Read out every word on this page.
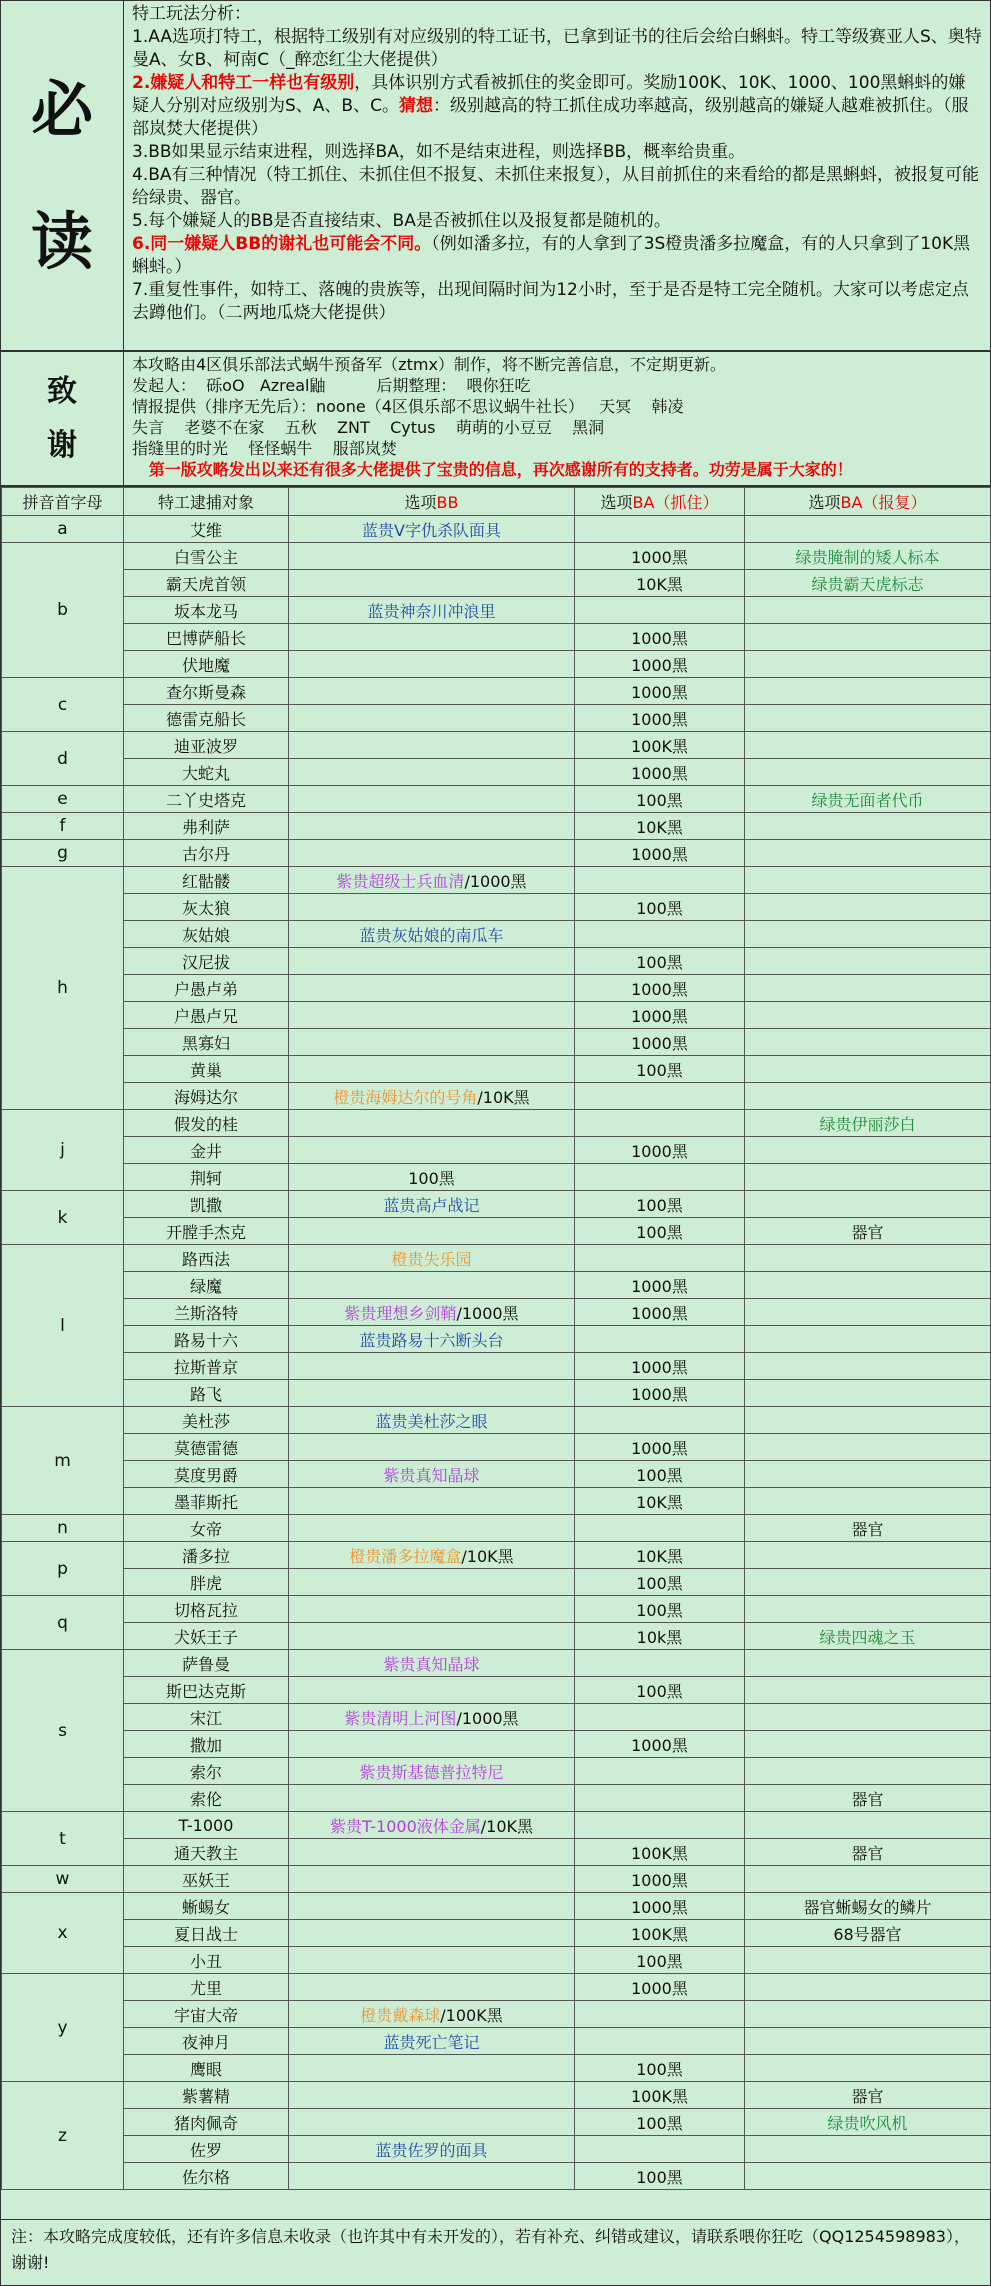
必
读

特工玩法分析：

1.AA选项打特工，根据特工级别有对应级别的特工证书，已拿到证书的往后会给白蝌蚪。特工等级赛亚人S、奥特曼A、女B、柯南C（_醉恋红尘大佬提供）

2.嫌疑人和特工一样也有级别，具体识别方式看被抓住的奖金即可。奖励100K、10K、1000、100黑蝌蚪的嫌疑人分别对应级别为S、A、B、C。猜想：级别越高的特工抓住成功率越高，级别越高的嫌疑人越难被抓住。（服部岚焚大佬提供）

3.BB如果显示结束进程，则选择BA，如不是结束进程，则选择BB，概率给贵重。

4.BA有三种情况（特工抓住、未抓住但不报复、未抓住来报复），从目前抓住的来看给的都是黑蝌蚪，被报复可能给绿贵、器官。

5.每个嫌疑人的BB是否直接结束、BA是否被抓住以及报复都是随机的。

6.同一嫌疑人BB的谢礼也可能会不同。（例如潘多拉，有的人拿到了3S橙贵潘多拉魔盒，有的人只拿到了10K黑蝌蚪。）

7.重复性事件，如特工、落魄的贵族等，出现间隔时间为12小时，至于是否是特工完全随机。大家可以考虑定点去蹲他们。（二两地瓜烧大佬提供）

致
谢

本攻略由4区俱乐部法式蜗牛预备军（ztmx）制作，将不断完善信息，不定期更新。

发起人：  砾oO   Azreal鼬          后期整理：  喂你狂吃

情报提供（排序无先后）：noone（4区俱乐部不思议蜗牛社长）   天冥    韩凌

失言    老婆不在家    五秋    ZNT    Cytus    萌萌的小豆豆    黑洞

指缝里的时光    怪怪蜗牛    服部岚焚

第一版攻略发出以来还有很多大佬提供了宝贵的信息，再次感谢所有的支持者。功劳是属于大家的！

拼音首字母	特工逮捕对象	选项BB	选项BA（抓住）	选项BA（报复）
a	艾维	蓝贵V字仇杀队面具		
b	白雪公主		1000黑	绿贵腌制的矮人标本
	霸天虎首领		10K黑	绿贵霸天虎标志
	坂本龙马	蓝贵神奈川冲浪里		
	巴博萨船长		1000黑	
	伏地魔		1000黑	
c	查尔斯曼森		1000黑	
	德雷克船长		1000黑	
d	迪亚波罗		100K黑	
	大蛇丸		1000黑	
e	二丫史塔克		100黑	绿贵无面者代币
f	弗利萨		10K黑	
g	古尔丹		1000黑	
h	红骷髅	紫贵超级士兵血清/1000黑		
	灰太狼		100黑	
	灰姑娘	蓝贵灰姑娘的南瓜车		
	汉尼拔		100黑	
	户愚卢弟		1000黑	
	户愚卢兄		1000黑	
	黑寡妇		1000黑	
	黄巢		100黑	
	海姆达尔	橙贵海姆达尔的号角/10K黑		
j	假发的桂			绿贵伊丽莎白
	金井		1000黑	
	荆轲	100黑		
k	凯撒	蓝贵高卢战记	100黑	
	开膛手杰克		100黑	器官
l	路西法	橙贵失乐园		
	绿魔		1000黑	
	兰斯洛特	紫贵理想乡剑鞘/1000黑	1000黑	
	路易十六	蓝贵路易十六断头台		
	拉斯普京		1000黑	
	路飞		1000黑	
m	美杜莎	蓝贵美杜莎之眼		
	莫德雷德		1000黑	
	莫度男爵	紫贵真知晶球	100黑	
	墨菲斯托		10K黑	
n	女帝			器官
p	潘多拉	橙贵潘多拉魔盒/10K黑	10K黑	
	胖虎		100黑	
q	切格瓦拉		100黑	
	犬妖王子		10k黑	绿贵四魂之玉
s	萨鲁曼	紫贵真知晶球		
	斯巴达克斯		100黑	
	宋江	紫贵清明上河图/1000黑		
	撒加		1000黑	
	索尔	紫贵斯基德普拉特尼		
	索伦			器官
t	T-1000	紫贵T-1000液体金属/10K黑		
	通天教主		100K黑	器官
w	巫妖王		1000黑	
x	蜥蜴女		1000黑	器官蜥蜴女的鳞片
	夏日战士		100K黑	68号器官
	小丑		100黑	
y	尤里		1000黑	
	宇宙大帝	橙贵戴森球/100K黑		
	夜神月	蓝贵死亡笔记		
	鹰眼		100黑	
z	紫薯精		100K黑	器官
	猪肉佩奇		100黑	绿贵吹风机
	佐罗	蓝贵佐罗的面具		
	佐尔格		100黑	
注：本攻略完成度较低，还有许多信息未收录（也许其中有未开发的），若有补充、纠错或建议，请联系喂你狂吃（QQ1254598983），谢谢!
